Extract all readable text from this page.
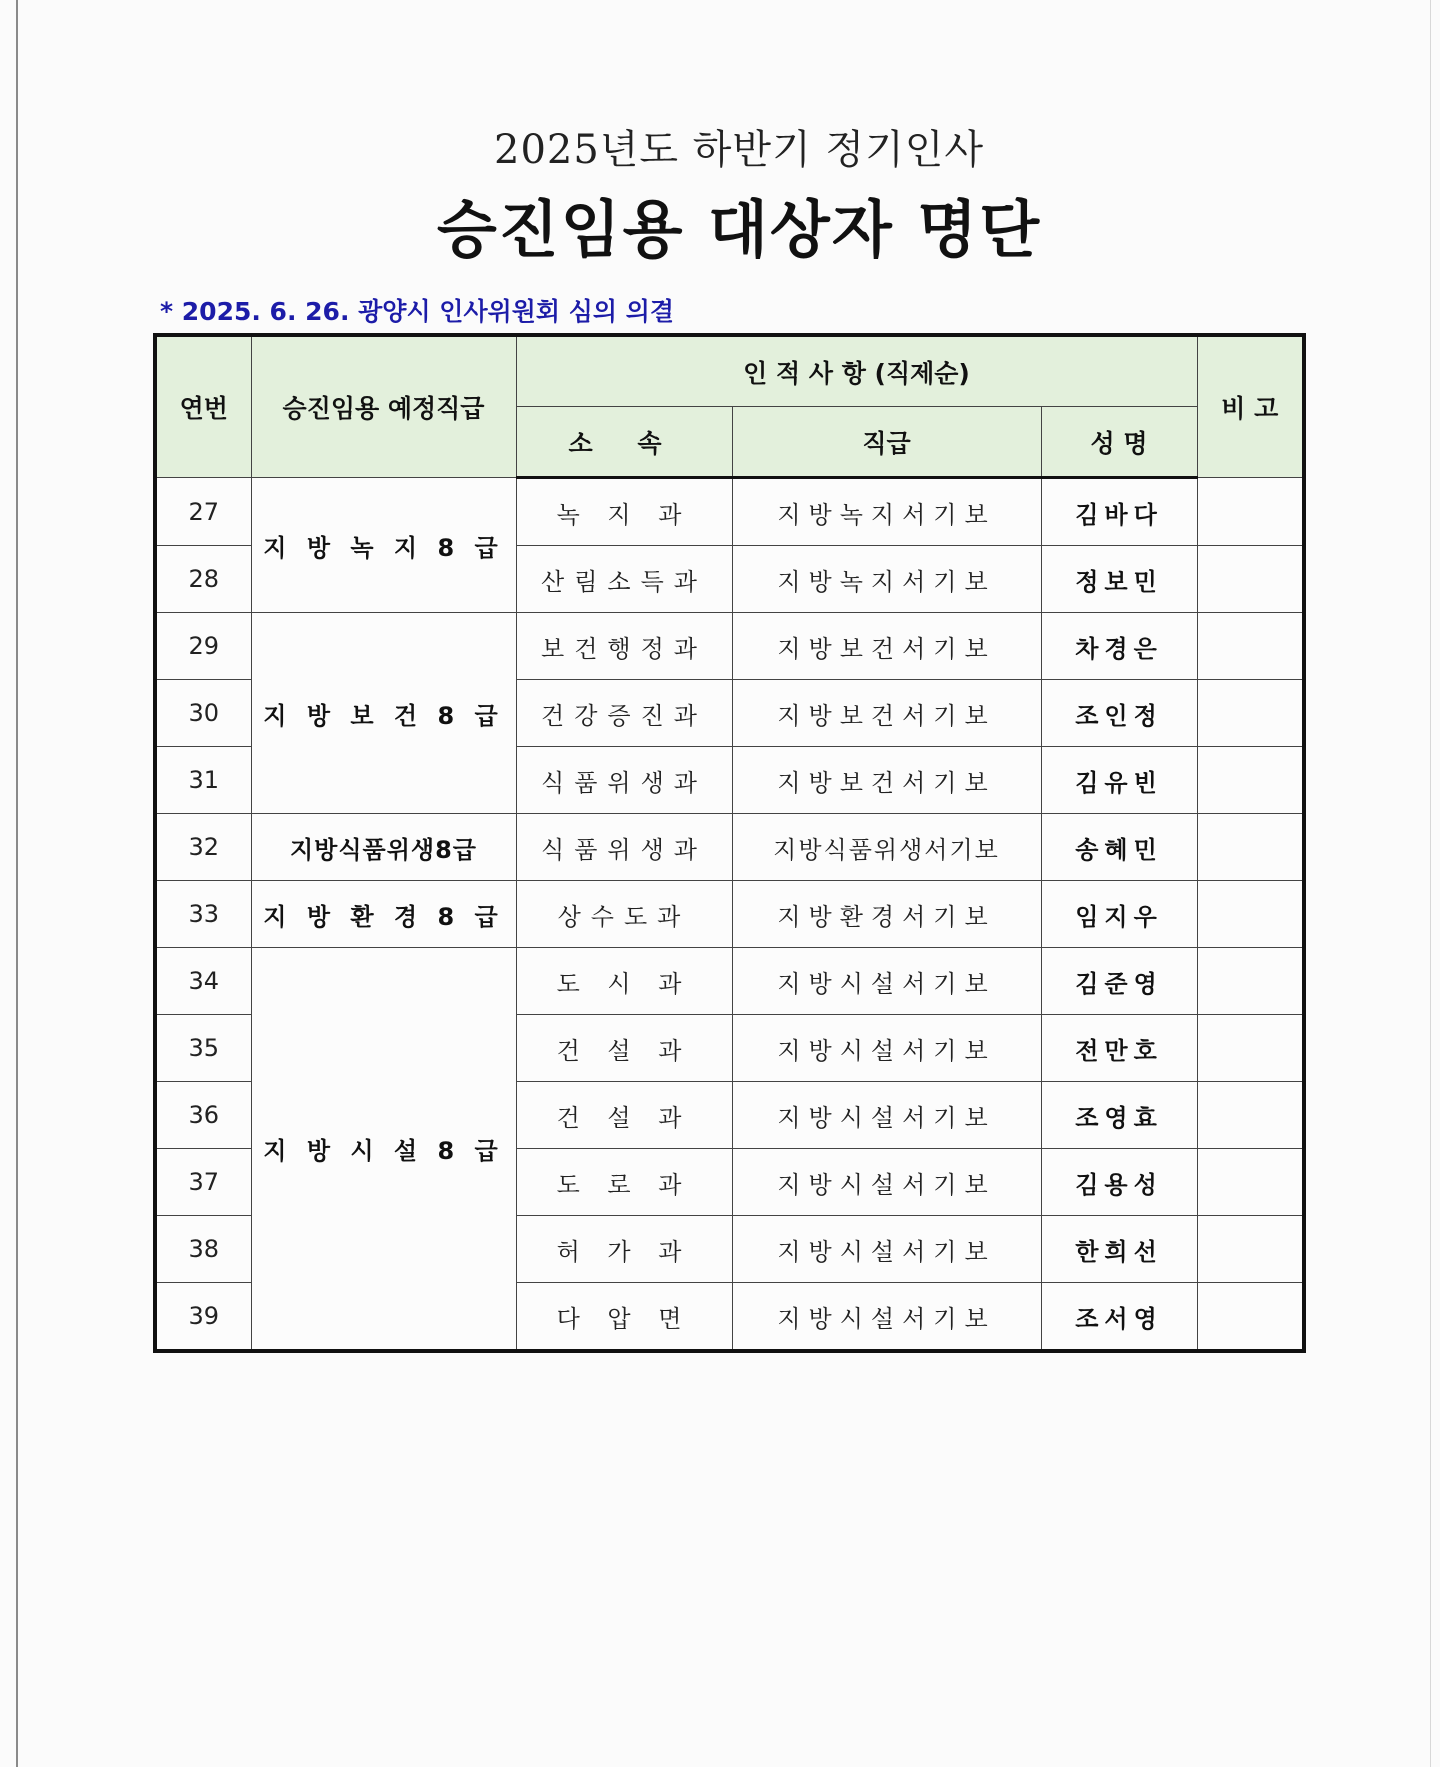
2025년도 하반기 정기인사
승진임용 대상자 명단
* 2025. 6. 26. 광양시 인사위원회 심의 의결
연번	승진임용 예정직급	인 적 사 항 (직제순)			비 고
		소 속	직급	성 명	
27	지 방 녹 지 8 급	녹 지 과	지방녹지서기보	김바다	
28		산림소득과	지방녹지서기보	정보민	
29	지 방 보 건 8 급	보건행정과	지방보건서기보	차경은	
30		건강증진과	지방보건서기보	조인정	
31		식품위생과	지방보건서기보	김유빈	
32	지방식품위생8급	식품위생과	지방식품위생서기보	송혜민	
33	지 방 환 경 8 급	상수도과	지방환경서기보	임지우	
34	지 방 시 설 8 급	도 시 과	지방시설서기보	김준영	
35		건 설 과	지방시설서기보	전만호	
36		건 설 과	지방시설서기보	조영효	
37		도 로 과	지방시설서기보	김용성	
38		허 가 과	지방시설서기보	한희선	
39		다 압 면	지방시설서기보	조서영	
